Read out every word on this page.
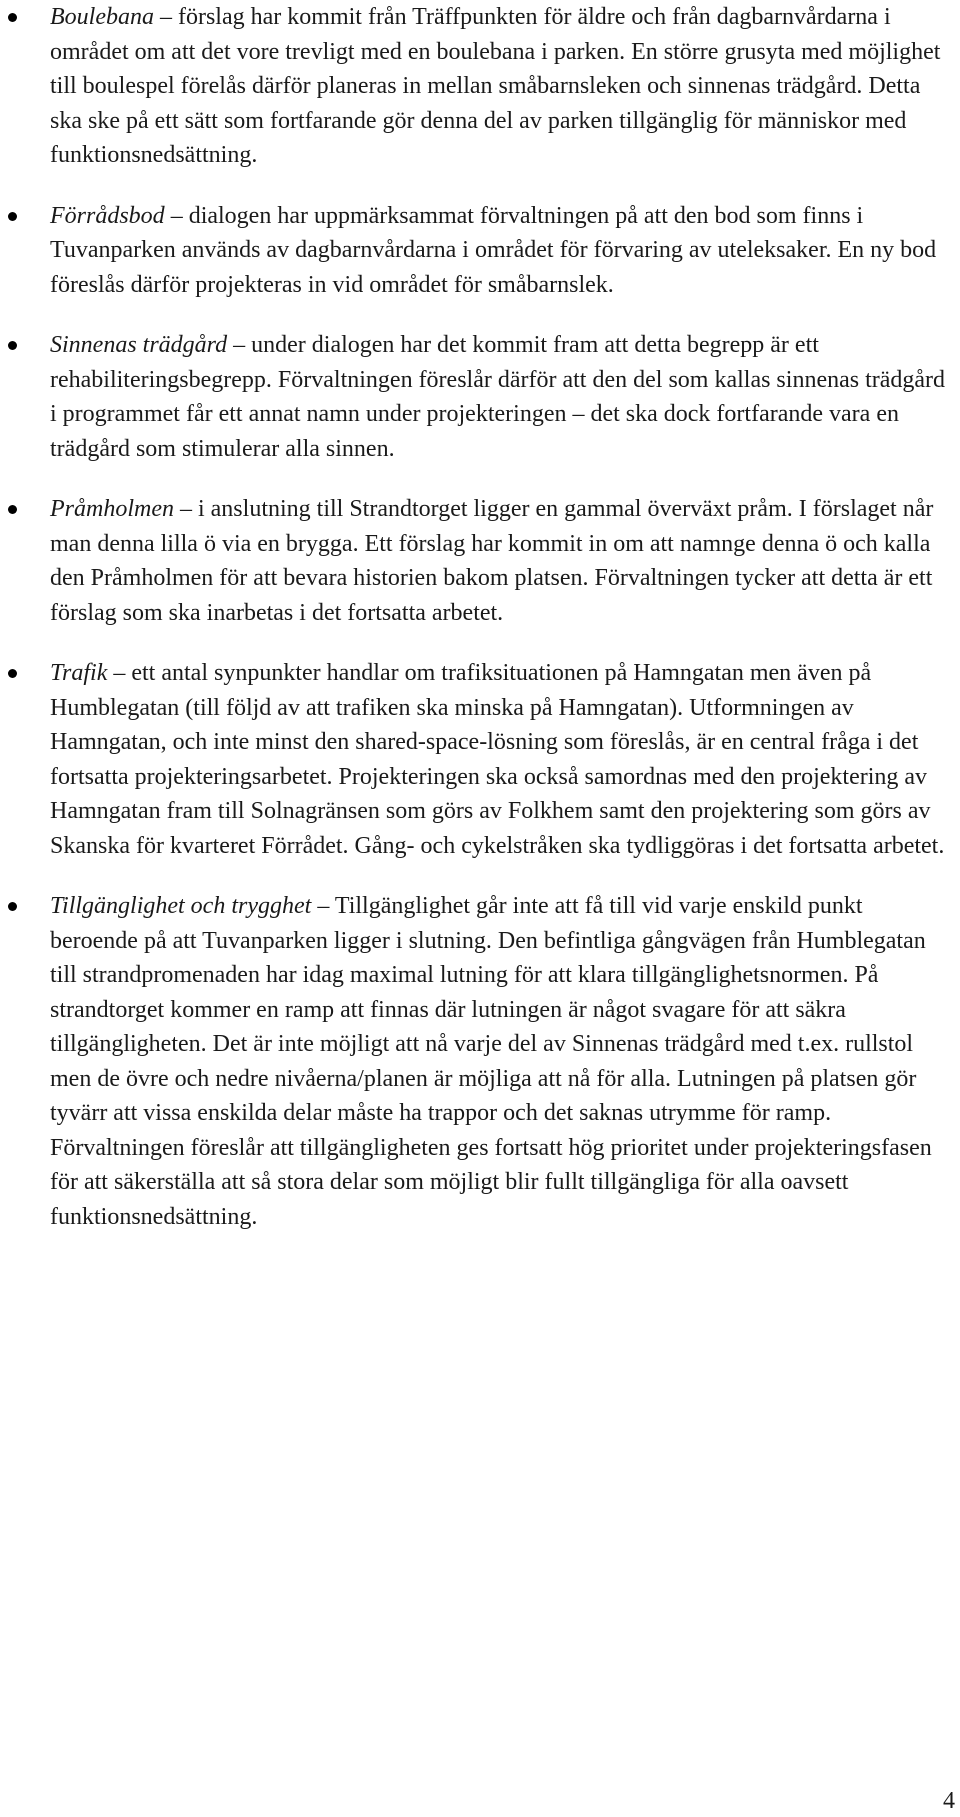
Boulebana – förslag har kommit från Träffpunkten för äldre och från dagbarnvårdarna i området om att det vore trevligt med en boulebana i parken. En större grusyta med möjlighet till boulespel förelås därför planeras in mellan småbarnsleken och sinnenas trädgård. Detta ska ske på ett sätt som fortfarande gör denna del av parken tillgänglig för människor med funktionsnedsättning.
Förrådsbod – dialogen har uppmärksammat förvaltningen på att den bod som finns i Tuvanparken används av dagbarnvårdarna i området för förvaring av uteleksaker. En ny bod föreslås därför projekteras in vid området för småbarnslek.
Sinnenas trädgård – under dialogen har det kommit fram att detta begrepp är ett rehabiliteringsbegrepp. Förvaltningen föreslår därför att den del som kallas sinnenas trädgård i programmet får ett annat namn under projekteringen – det ska dock fortfarande vara en trädgård som stimulerar alla sinnen.
Pråmholmen – i anslutning till Strandtorget ligger en gammal överväxt pråm. I förslaget når man denna lilla ö via en brygga. Ett förslag har kommit in om att namnge denna ö och kalla den Pråmholmen för att bevara historien bakom platsen. Förvaltningen tycker att detta är ett förslag som ska inarbetas i det fortsatta arbetet.
Trafik – ett antal synpunkter handlar om trafiksituationen på Hamngatan men även på Humblegatan (till följd av att trafiken ska minska på Hamngatan). Utformningen av Hamngatan, och inte minst den shared-space-lösning som föreslås, är en central fråga i det fortsatta projekteringsarbetet. Projekteringen ska också samordnas med den projektering av Hamngatan fram till Solnagränsen som görs av Folkhem samt den projektering som görs av Skanska för kvarteret Förrådet. Gång- och cykelstråken ska tydliggöras i det fortsatta arbetet.
Tillgänglighet och trygghet – Tillgänglighet går inte att få till vid varje enskild punkt beroende på att Tuvanparken ligger i slutning. Den befintliga gångvägen från Humblegatan till strandpromenaden har idag maximal lutning för att klara tillgänglighetsnormen. På strandtorget kommer en ramp att finnas där lutningen är något svagare för att säkra tillgängligheten. Det är inte möjligt att nå varje del av Sinnenas trädgård med t.ex. rullstol men de övre och nedre nivåerna/planen är möjliga att nå för alla. Lutningen på platsen gör tyvärr att vissa enskilda delar måste ha trappor och det saknas utrymme för ramp. Förvaltningen föreslår att tillgängligheten ges fortsatt hög prioritet under projekteringsfasen för att säkerställa att så stora delar som möjligt blir fullt tillgängliga för alla oavsett funktionsnedsättning.
4
